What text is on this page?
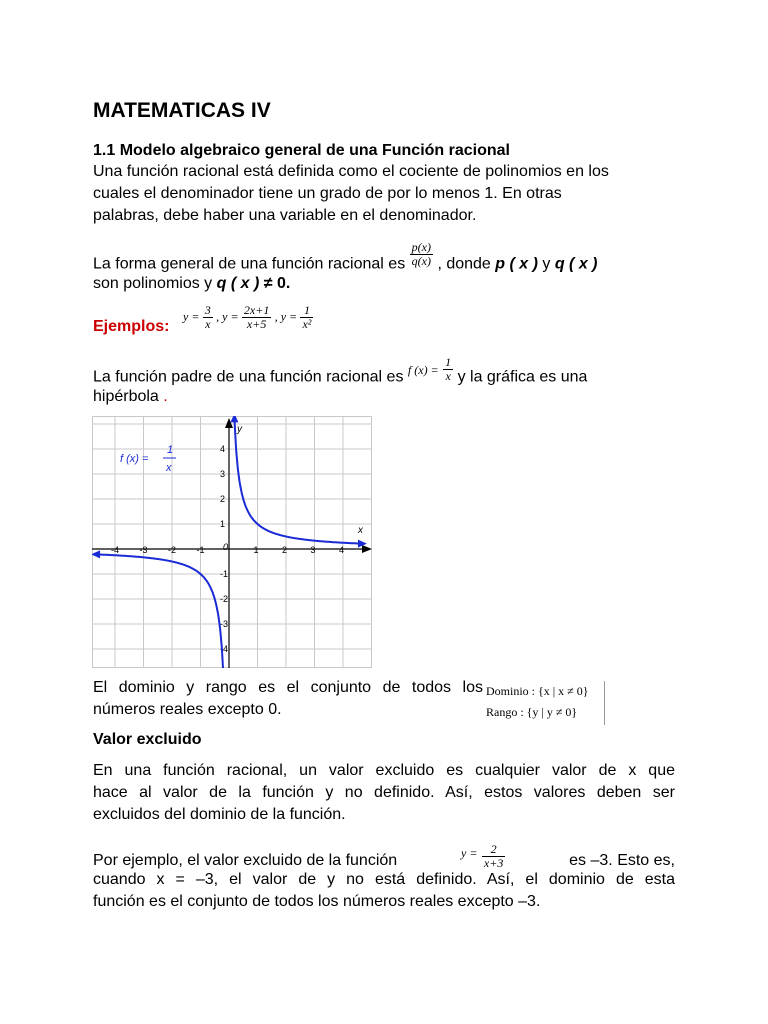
MATEMATICAS IV
1.1 Modelo algebraico general de una Función racional
Una función racional está definida como el cociente de polinomios en los
cuales el denominador tiene un grado de por lo menos 1. En otras
palabras, debe haber una variable en el denominador.
La forma general de una función racional es $\frac{p(x)}{q(x)}$ , donde p ( x ) y q ( x )
son polinomios y q ( x ) ≠ 0.
Ejemplos:
$y = \frac{3}{x}$ , $y = \frac{2x+1}{x+5}$ , $y = \frac{1}{\text{x²}}$
La función padre de una función racional es $^{f (x) =} \frac{1}{x}$ y la gráfica es una
hipérbola .
x
y
0
-4 -3 -2 -1	1	2	3	4
4
3
2
1
-1
-2
-3
-4
f (x) =
1
x
El dominio y rango es el conjunto de todos los
números reales excepto 0.
Dominio : {x | x ≠ 0}
Rango : {y | y ≠ 0}
Valor excluido
En una función racional, un valor excluido es cualquier valor de x que
hace al valor de la función y no definido. Así, estos valores deben ser
excluidos del dominio de la función.
Por ejemplo, el valor excluido de la función	$^{y =} \frac{2}{x+3}$	es –3. Esto es,
cuando x = –3, el valor de y no está definido. Así, el dominio de esta
función es el conjunto de todos los números reales excepto –3.
